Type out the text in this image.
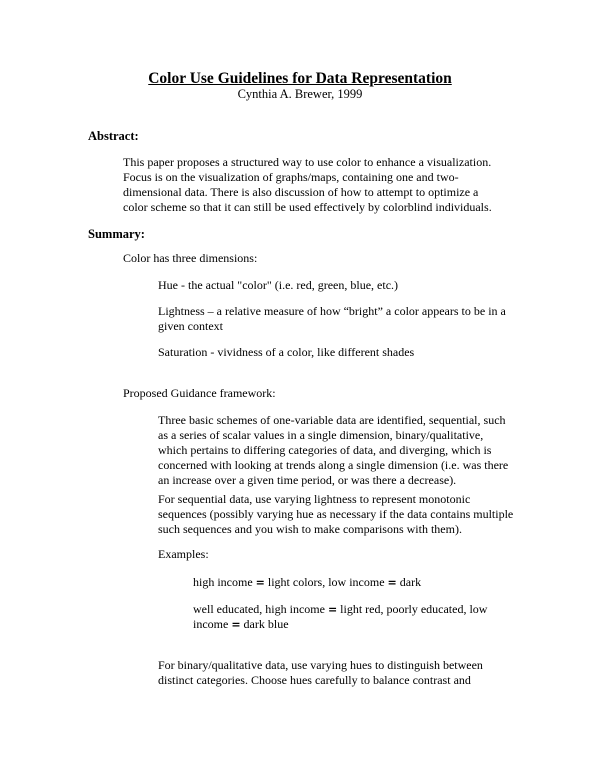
Color Use Guidelines for Data Representation
Cynthia A. Brewer, 1999
Abstract:

This paper proposes a structured way to use color to enhance a visualization. Focus is on the visualization of graphs/maps, containing one and two-dimensional data. There is also discussion of how to attempt to optimize a color scheme so that it can still be used effectively by colorblind individuals.

Summary:

Color has three dimensions:

Hue - the actual "color" (i.e. red, green, blue, etc.)

Lightness – a relative measure of how “bright” a color appears to be in a given context

Saturation - vividness of a color, like different shades

Proposed Guidance framework:

Three basic schemes of one-variable data are identified, sequential, such as a series of scalar values in a single dimension, binary/qualitative, which pertains to differing categories of data, and diverging, which is concerned with looking at trends along a single dimension (i.e. was there an increase over a given time period, or was there a decrease).

For sequential data, use varying lightness to represent monotonic sequences (possibly varying hue as necessary if the data contains multiple such sequences and you wish to make comparisons with them).

Examples:

high income = light colors, low income = dark

well educated, high income = light red, poorly educated, low income = dark blue

For binary/qualitative data, use varying hues to distinguish between distinct categories. Choose hues carefully to balance contrast and
